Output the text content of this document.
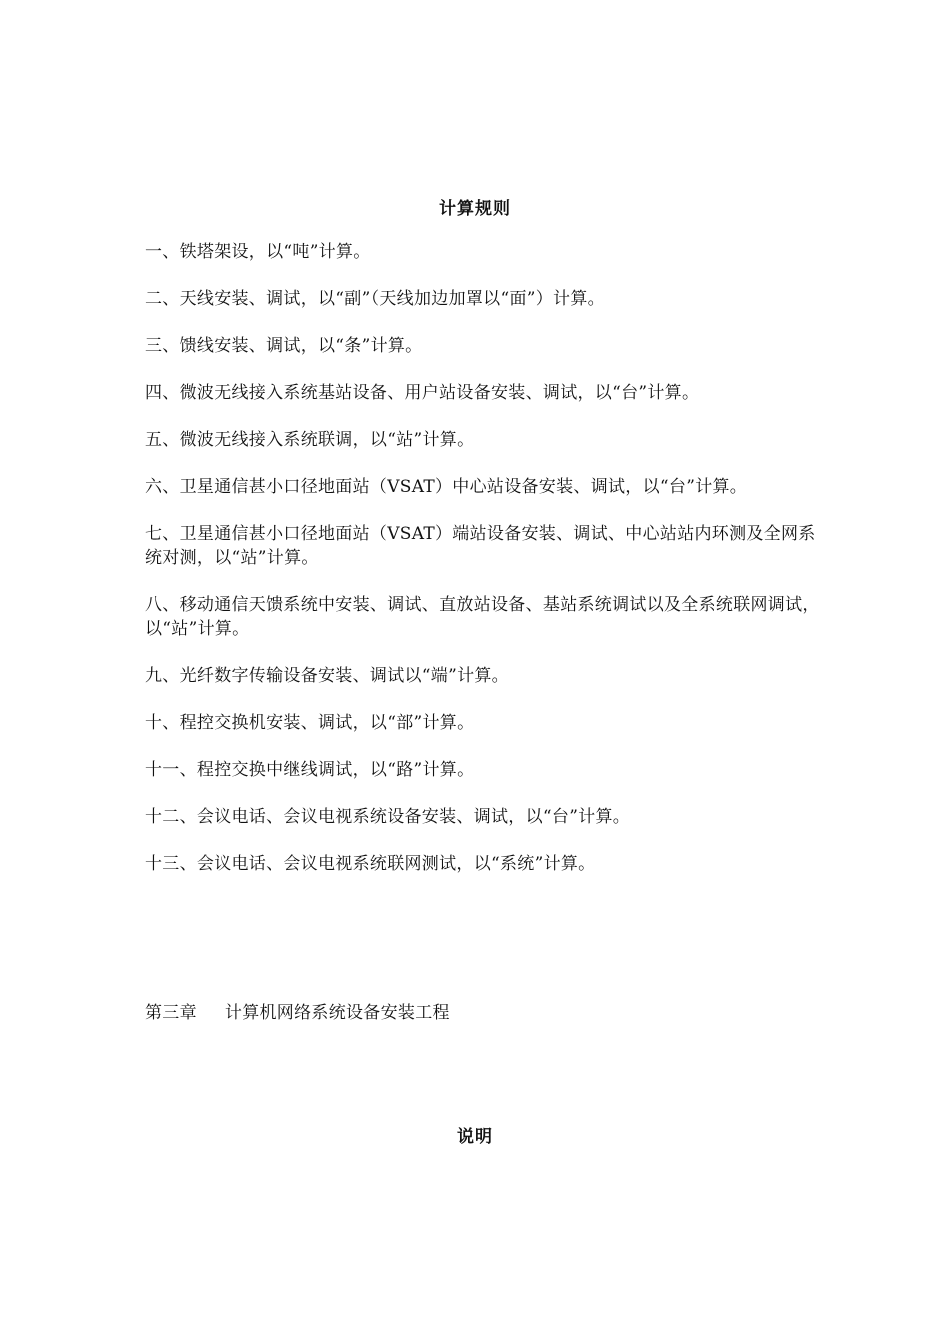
计算规则
一、铁塔架设，以“吨”计算。
二、天线安装、调试，以“副”（天线加边加罩以“面”）计算。
三、馈线安装、调试，以“条”计算。
四、微波无线接入系统基站设备、用户站设备安装、调试，以“台”计算。
五、微波无线接入系统联调，以“站”计算。
六、卫星通信甚小口径地面站（VSAT）中心站设备安装、调试，以“台”计算。
七、卫星通信甚小口径地面站（VSAT）端站设备安装、调试、中心站站内环测及全网系统对测，以“站”计算。
八、移动通信天馈系统中安装、调试、直放站设备、基站系统调试以及全系统联网调试，以“站”计算。
九、光纤数字传输设备安装、调试以“端”计算。
十、程控交换机安装、调试，以“部”计算。
十一、程控交换中继线调试，以“路”计算。
十二、会议电话、会议电视系统设备安装、调试，以“台”计算。
十三、会议电话、会议电视系统联网测试，以“系统”计算。
第三章 计算机网络系统设备安装工程
说明
